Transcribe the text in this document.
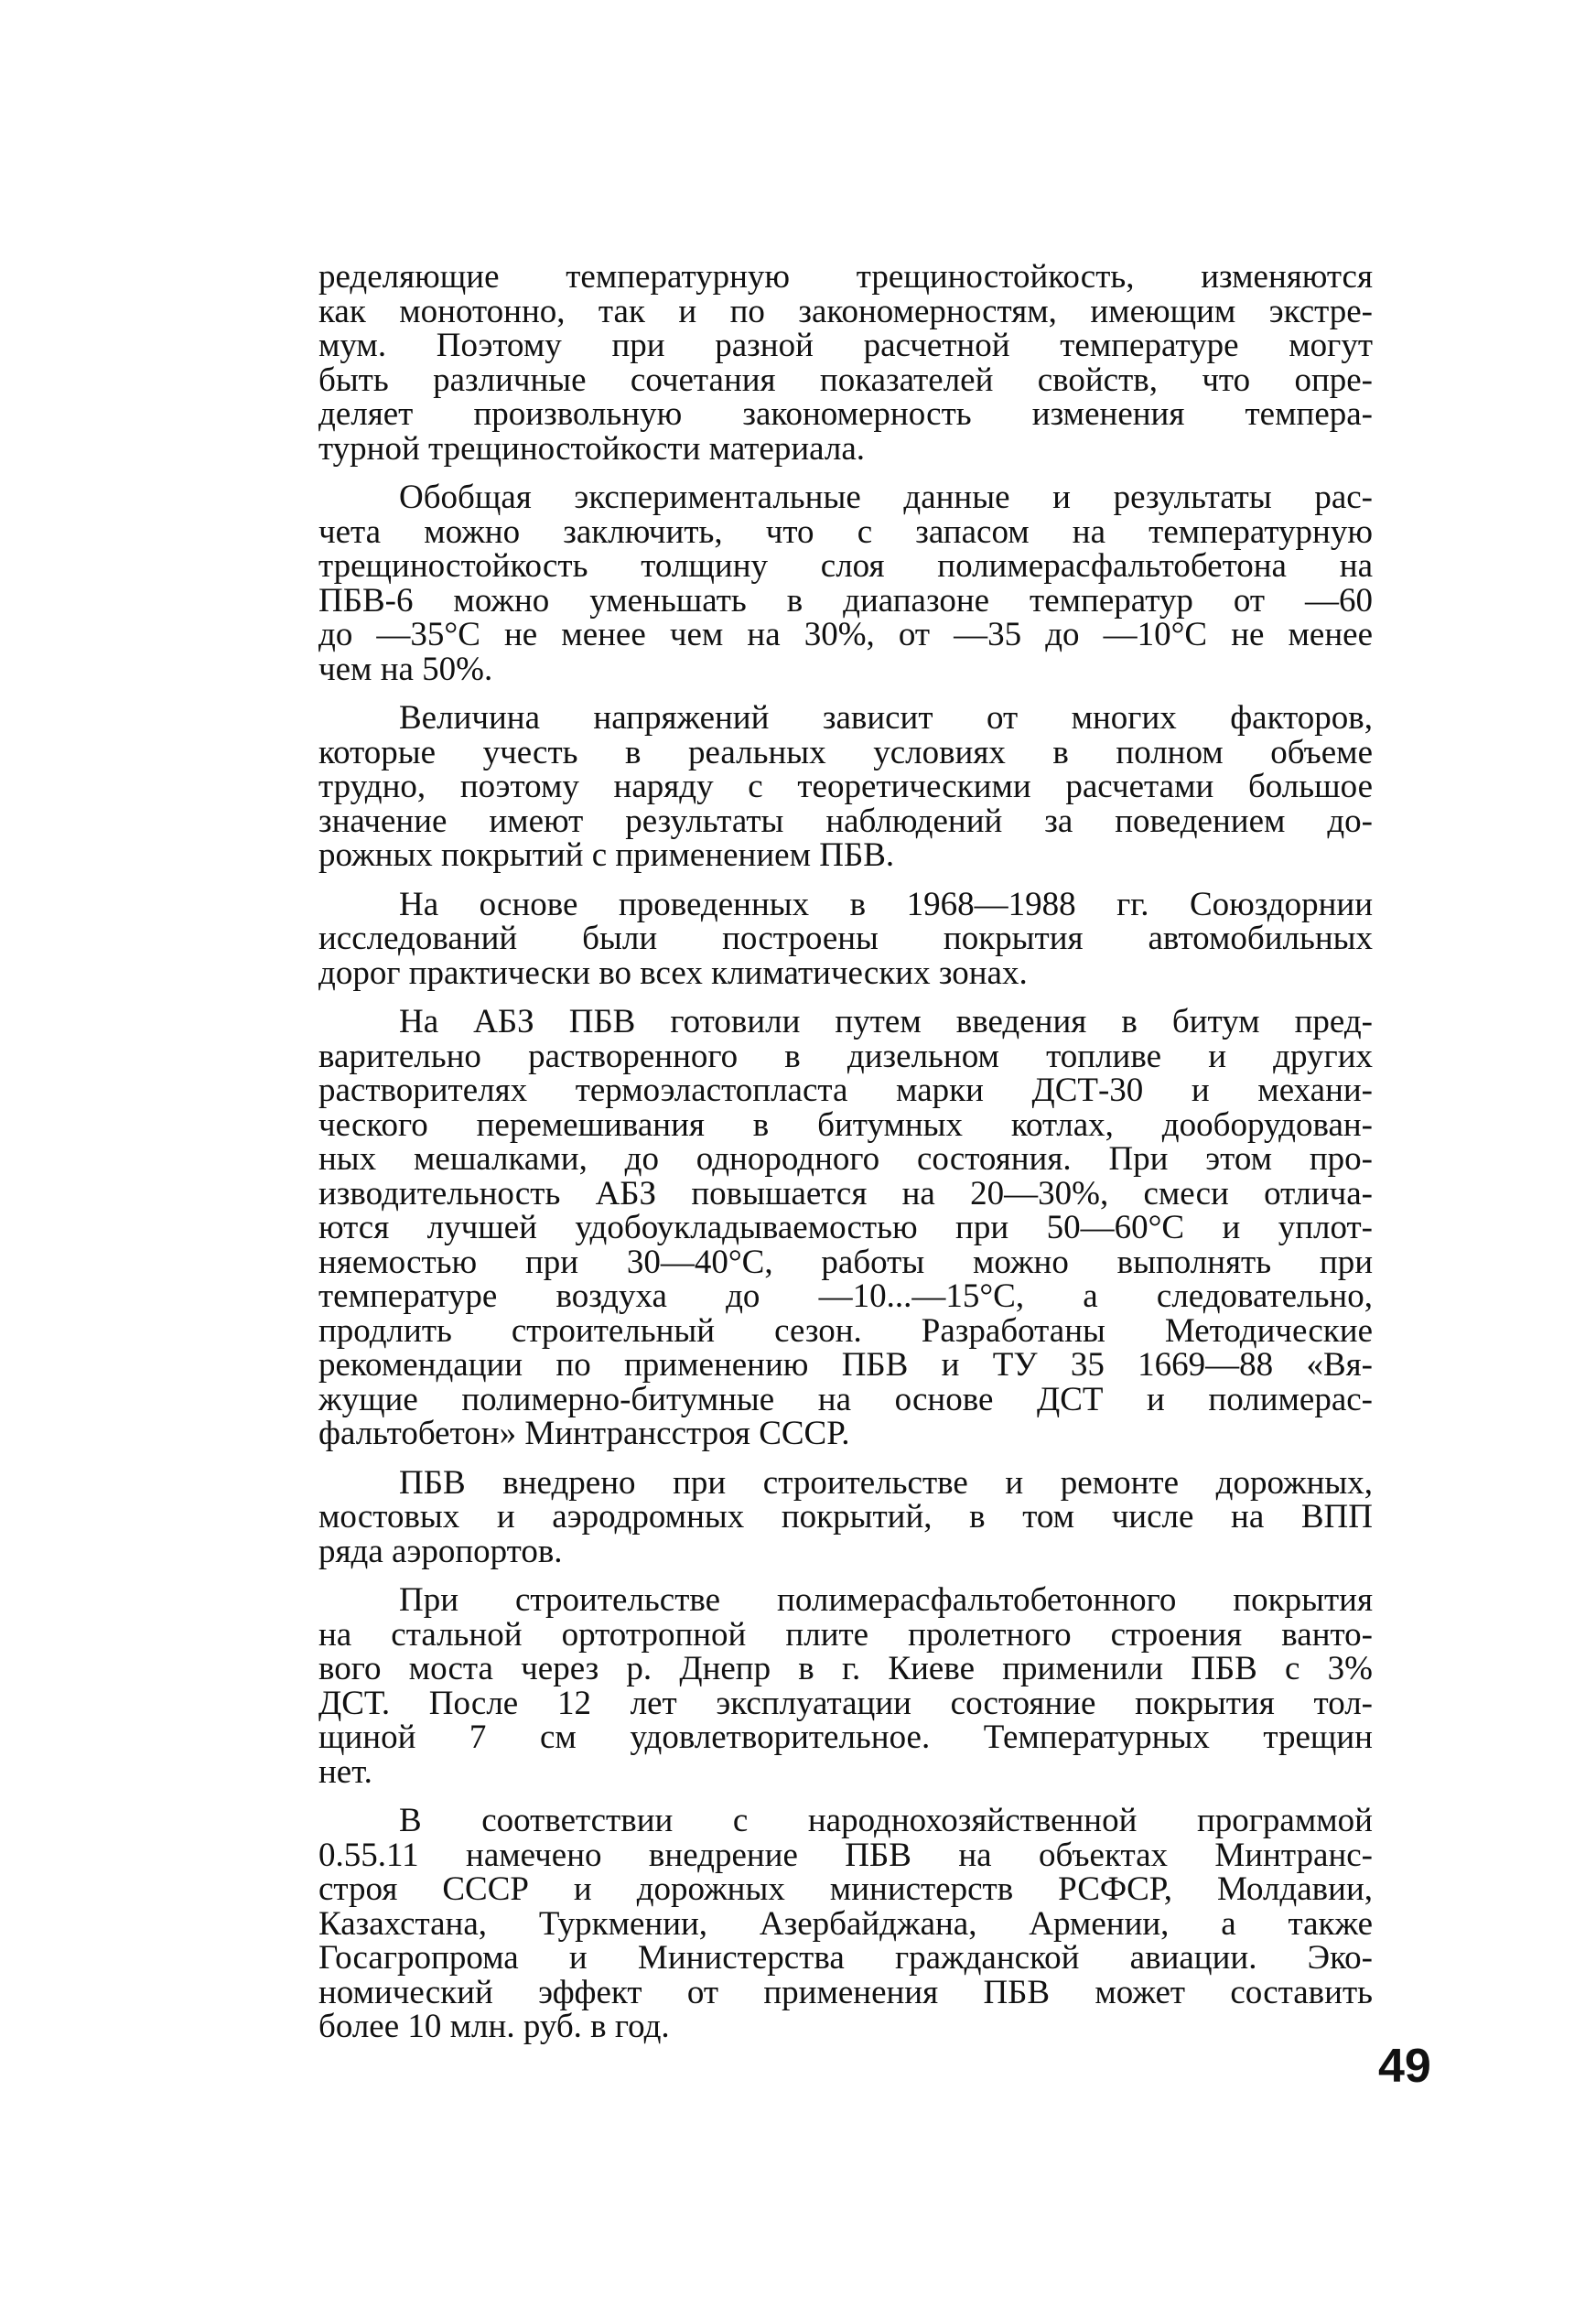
ределяющие температурную трещиностойкость, изменяются
как монотонно, так и по закономерностям, имеющим экстре-
мум. Поэтому при разной расчетной температуре могут
быть различные сочетания показателей свойств, что опре-
деляет произвольную закономерность изменения темпера-
турной трещиностойкости материала.
Обобщая экспериментальные данные и результаты рас-
чета можно заключить, что с запасом на температурную
трещиностойкость толщину слоя полимерасфальтобетона на
ПБВ-6 можно уменьшать в диапазоне температур от —60
до —35°С не менее чем на 30%, от —35 до —10°С не менее
чем на 50%.
Величина напряжений зависит от многих факторов,
которые учесть в реальных условиях в полном объеме
трудно, поэтому наряду с теоретическими расчетами большое
значение имеют результаты наблюдений за поведением до-
рожных покрытий с применением ПБВ.
На основе проведенных в 1968—1988 гг. Союздорнии
исследований были построены покрытия автомобильных
дорог практически во всех климатических зонах.
На АБЗ ПБВ готовили путем введения в битум пред-
варительно растворенного в дизельном топливе и других
растворителях термоэластопласта марки ДСТ-30 и механи-
ческого перемешивания в битумных котлах, дооборудован-
ных мешалками, до однородного состояния. При этом про-
изводительность АБЗ повышается на 20—30%, смеси отлича-
ются лучшей удобоукладываемостью при 50—60°С и уплот-
няемостью при 30—40°С, работы можно выполнять при
температуре воздуха до —10...—15°С, а следовательно,
продлить строительный сезон. Разработаны Методические
рекомендации по применению ПБВ и ТУ 35 1669—88 «Вя-
жущие полимерно-битумные на основе ДСТ и полимерас-
фальтобетон» Минтрансстроя СССР.
ПБВ внедрено при строительстве и ремонте дорожных,
мостовых и аэродромных покрытий, в том числе на ВПП
ряда аэропортов.
При строительстве полимерасфальтобетонного покрытия
на стальной ортотропной плите пролетного строения ванто-
вого моста через р. Днепр в г. Киеве применили ПБВ с 3%
ДСТ. После 12 лет эксплуатации состояние покрытия тол-
щиной 7 см удовлетворительное. Температурных трещин
нет.
В соответствии с народнохозяйственной программой
0.55.11 намечено внедрение ПБВ на объектах Минтранс-
строя СССР и дорожных министерств РСФСР, Молдавии,
Казахстана, Туркмении, Азербайджана, Армении, а также
Госагропрома и Министерства гражданской авиации. Эко-
номический эффект от применения ПБВ может составить
более 10 млн. руб. в год.
49
